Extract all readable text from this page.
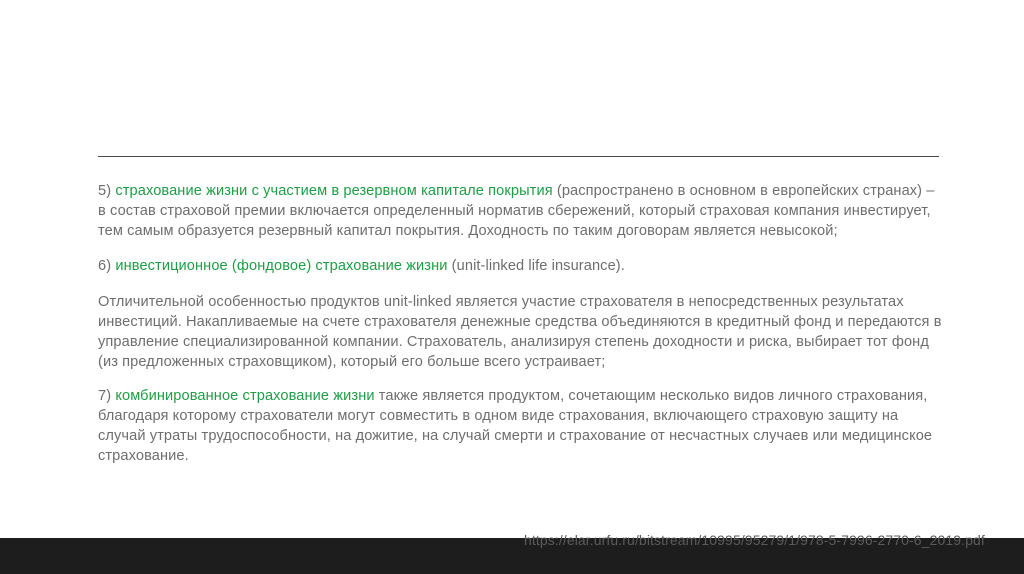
5) страхование жизни с участием в резервном капитале покрытия (распространено в основном в европейских странах) – в состав страховой премии включается определенный норматив сбережений, который страховая компания инвестирует, тем самым образуется резервный капитал покрытия. Доходность по таким договорам является невысокой;

6) инвестиционное (фондовое) страхование жизни (unit-linked life insurance).

Отличительной особенностью продуктов unit-linked является участие страхователя в непосредственных результатах инвестиций. Накапливаемые на счете страхователя денежные средства объединяются в кредитный фонд и передаются в управление специализированной компании. Страхователь, анализируя степень доходности и риска, выбирает тот фонд (из предложенных страховщиком), который его больше всего устраивает;

7) комбинированное страхование жизни также является продуктом, сочетающим несколько видов личного страхования, благодаря которому страхователи могут совместить в одном виде страхования, включающего страховую защиту на случай утраты трудоспособности, на дожитие, на случай смерти и страхование от несчастных случаев или медицинское страхование.

https://elar.urfu.ru/bitstream/10995/95279/1/978-5-7996-2770-6_2019.pdf
